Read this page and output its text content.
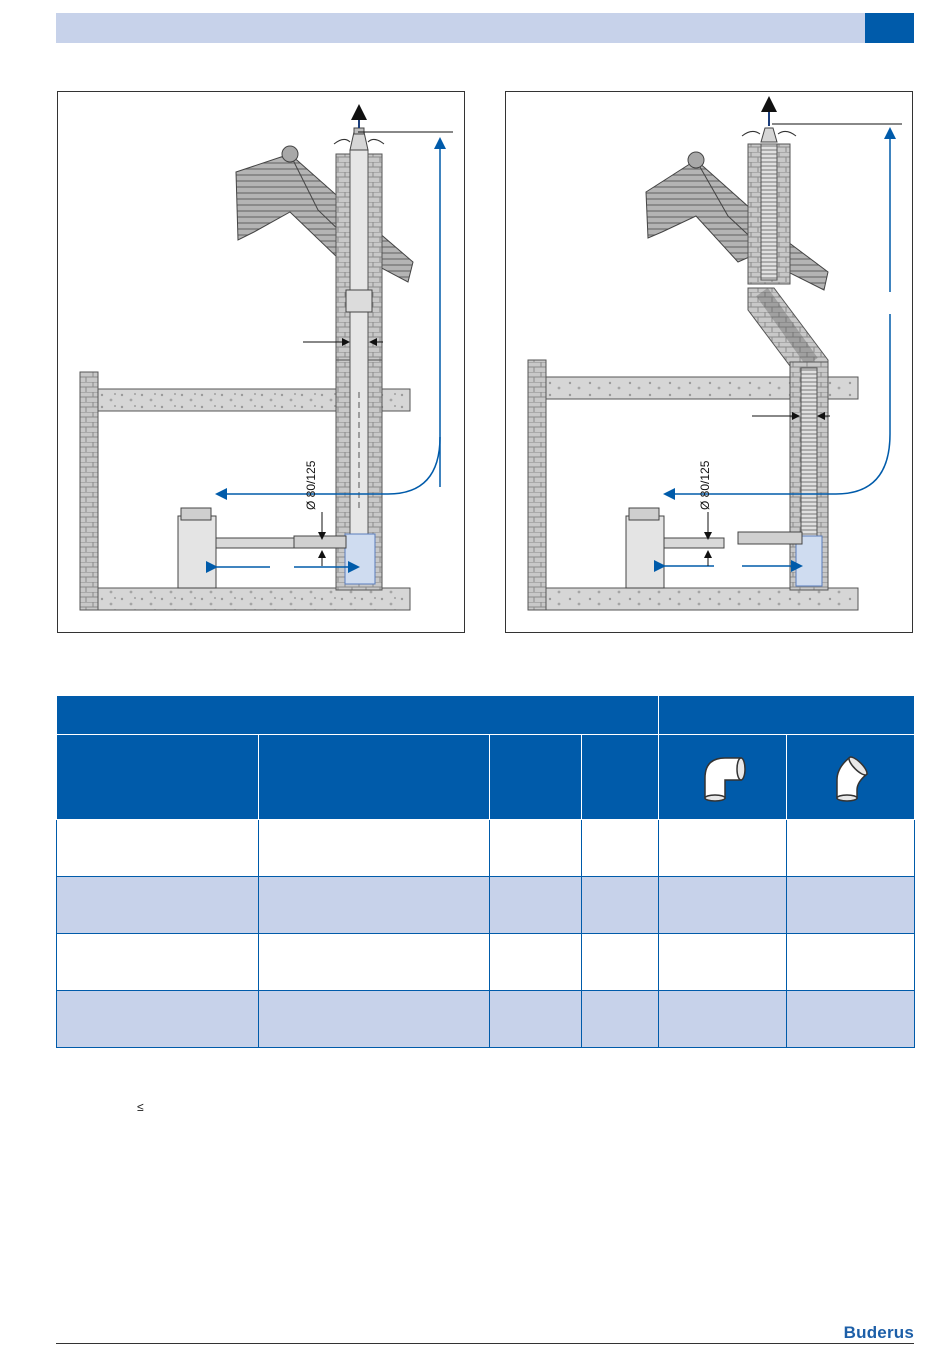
Ø 80/125	Ø 80/125

≤
Buderus
